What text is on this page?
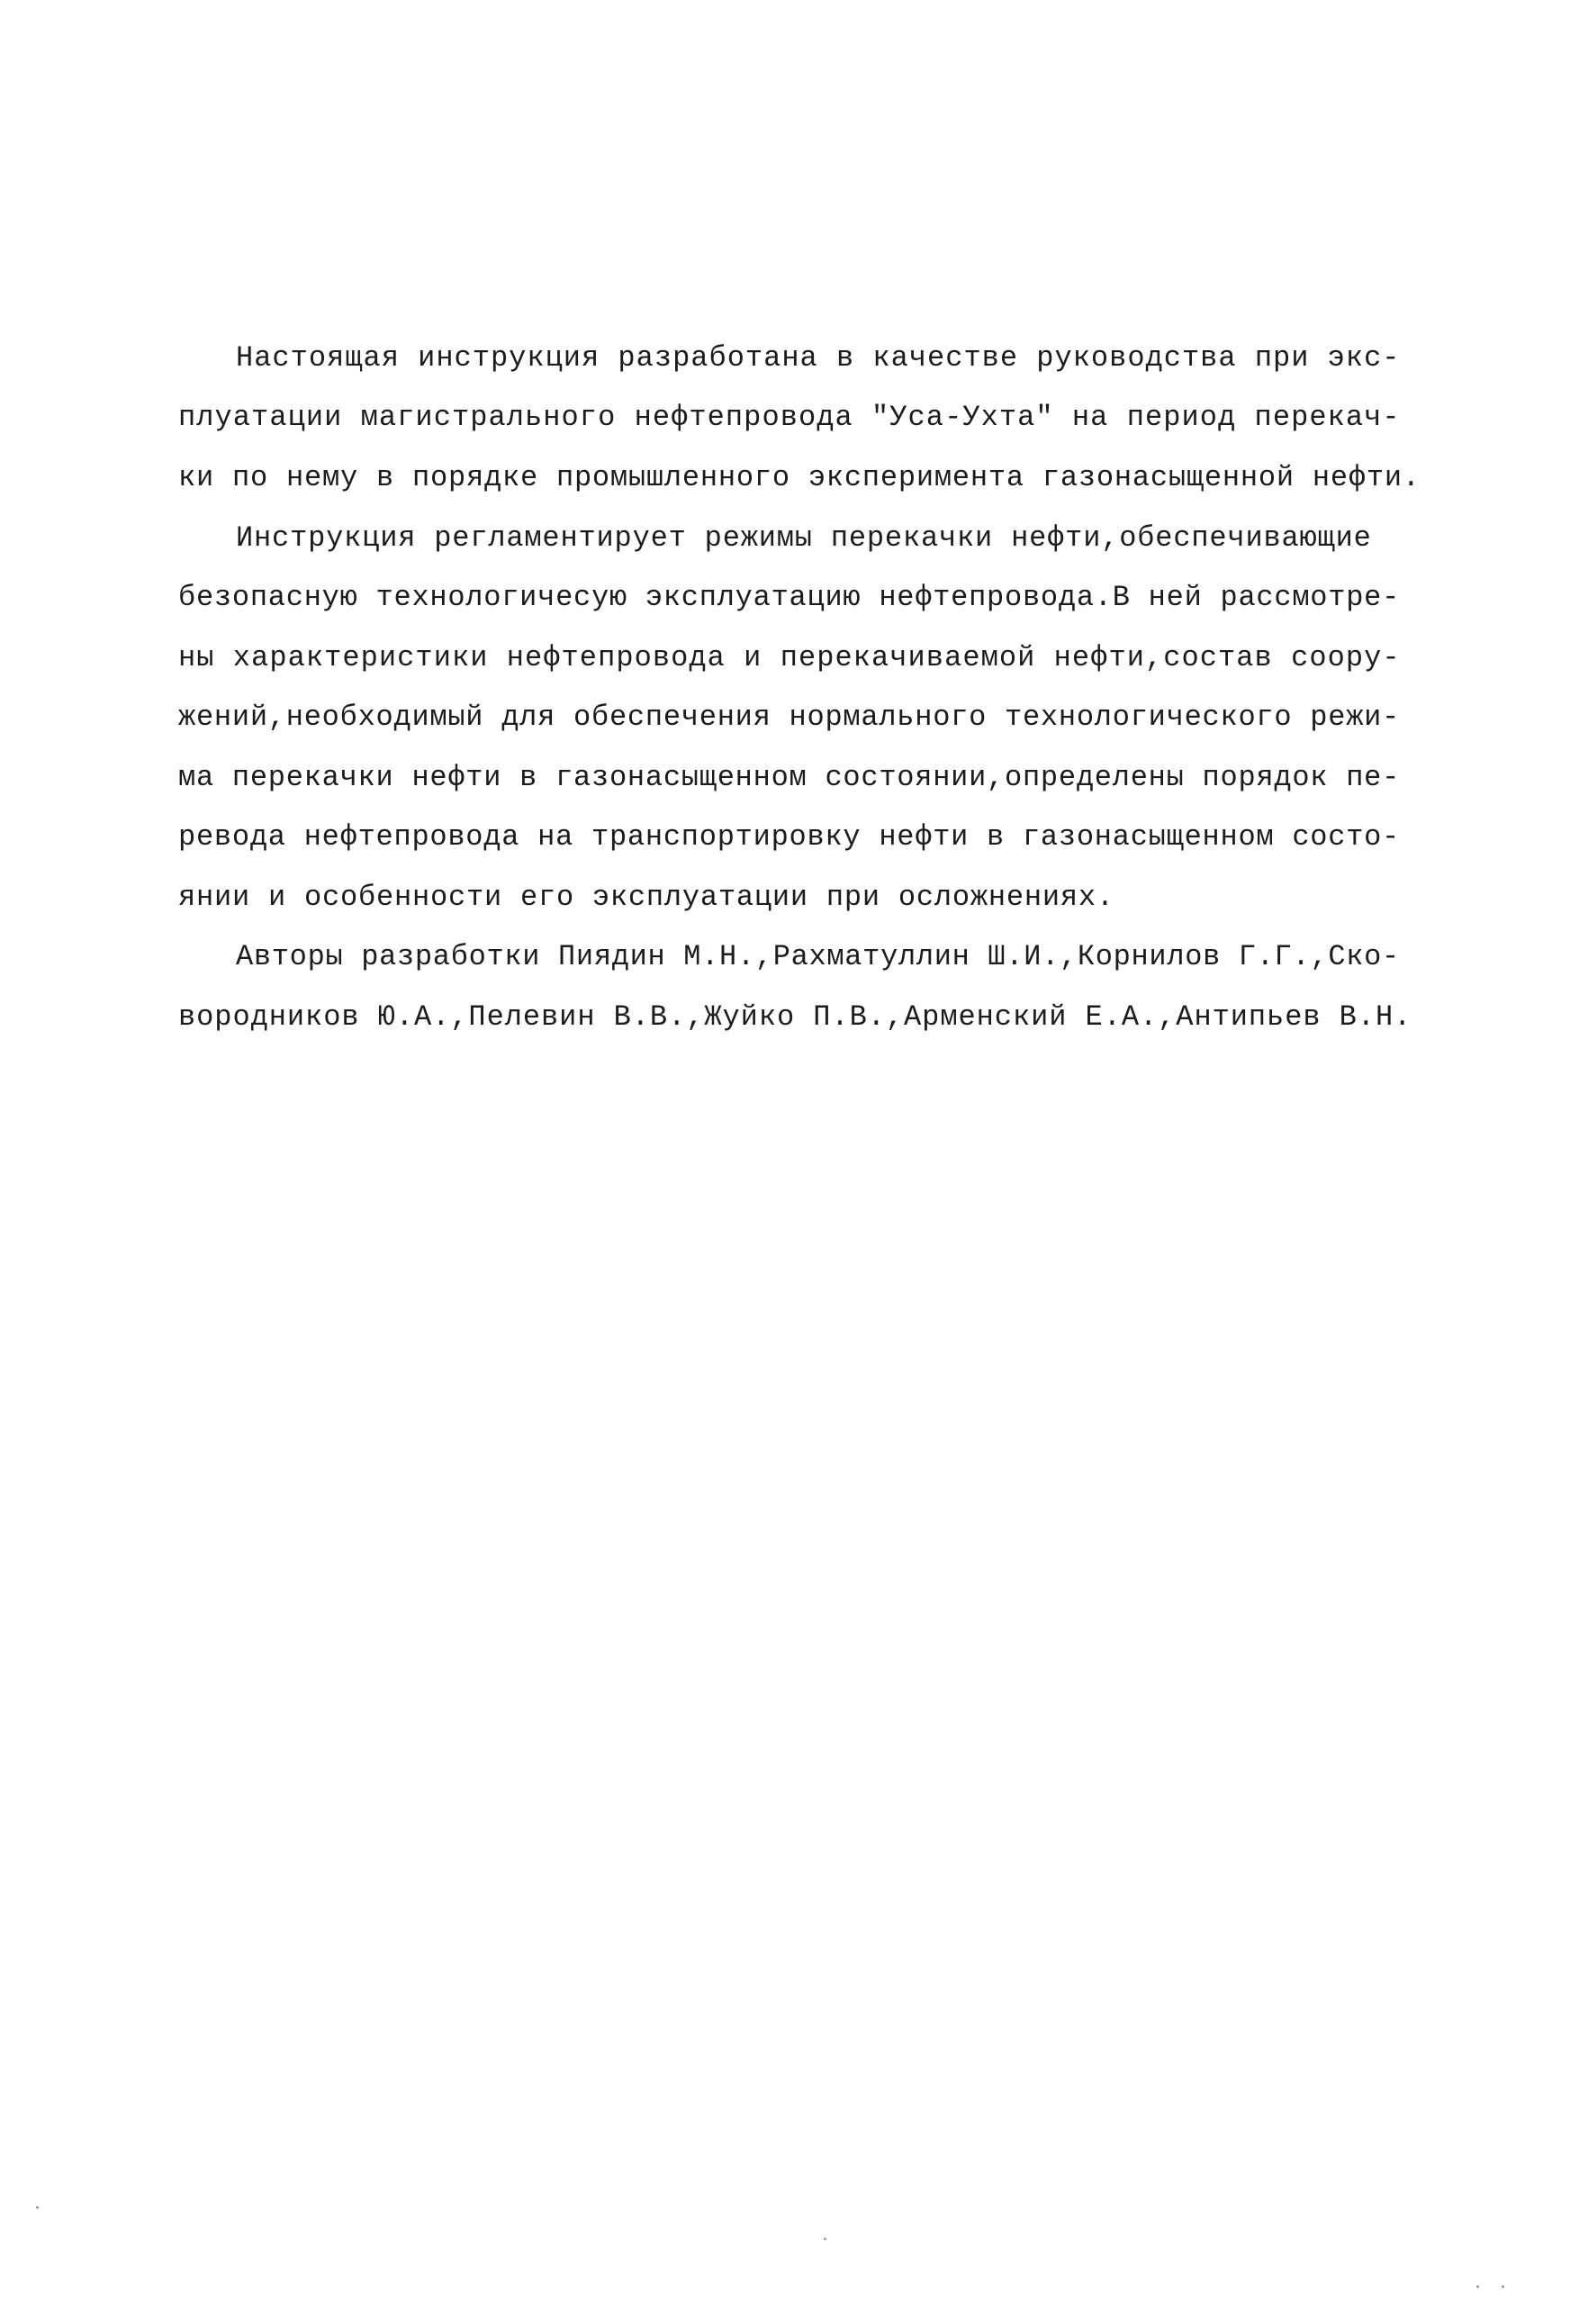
Настоящая инструкция разработана в качестве руководства при экс-
плуатации магистрального нефтепровода "Уса-Ухта" на период перекач-
ки по нему в порядке промышленного эксперимента газонасыщенной нефти.
Инструкция регламентирует режимы перекачки нефти,обеспечивающие
безопасную технологичесую эксплуатацию нефтепровода.В ней рассмотре-
ны характеристики нефтепровода и перекачиваемой нефти,состав соору-
жений,необходимый для обеспечения нормального технологического режи-
ма перекачки нефти в газонасыщенном состоянии,определены порядок пе-
ревода нефтепровода на транспортировку нефти в газонасыщенном состо-
янии и особенности его эксплуатации при осложнениях.
Авторы разработки Пиядин М.Н.,Рахматуллин Ш.И.,Корнилов Г.Г.,Ско-
вородников Ю.А.,Пелевин В.В.,Жуйко П.В.,Арменский Е.А.,Антипьев В.Н.
